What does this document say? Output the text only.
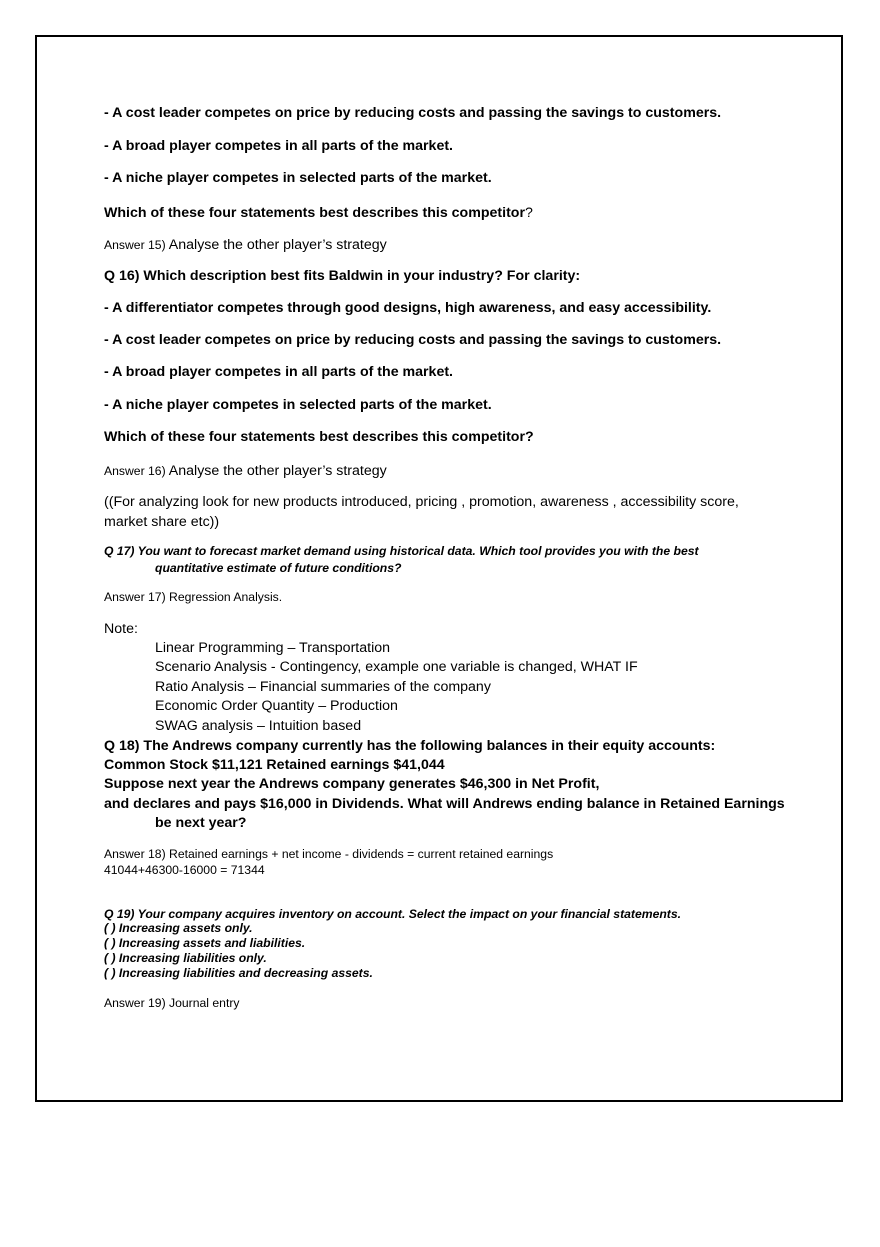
- A cost leader competes on price by reducing costs and passing the savings to customers.
- A broad player competes in all parts of the market.
- A niche player competes in selected parts of the market.
Which of these four statements best describes this competitor?
Answer 15) Analyse the other player’s strategy
Q 16) Which description best fits Baldwin in your industry? For clarity:
- A differentiator competes through good designs, high awareness, and easy accessibility.
- A cost leader competes on price by reducing costs and passing the savings to customers.
- A broad player competes in all parts of the market.
- A niche player competes in selected parts of the market.
Which of these four statements best describes this competitor?
Answer 16) Analyse the other player’s strategy
((For analyzing look for new products introduced, pricing , promotion, awareness , accessibility score,
market share etc))
Q 17) You want to forecast market demand using historical data. Which tool provides you with the best
quantitative estimate of future conditions?
Answer 17) Regression Analysis.
Note:
Linear Programming – Transportation
Scenario Analysis - Contingency, example one variable is changed, WHAT IF
Ratio Analysis – Financial summaries of the company
Economic Order Quantity – Production
SWAG analysis – Intuition based
Q 18) The Andrews company currently has the following balances in their equity accounts:
Common Stock $11,121 Retained earnings $41,044
Suppose next year the Andrews company generates $46,300 in Net Profit,
and declares and pays $16,000 in Dividends. What will Andrews ending balance in Retained Earnings
be next year?
Answer 18) Retained earnings + net income - dividends = current retained earnings
41044+46300-16000 = 71344
Q 19) Your company acquires inventory on account. Select the impact on your financial statements.
( ) Increasing assets only.
( ) Increasing assets and liabilities.
( ) Increasing liabilities only.
( ) Increasing liabilities and decreasing assets.
Answer 19) Journal entry
